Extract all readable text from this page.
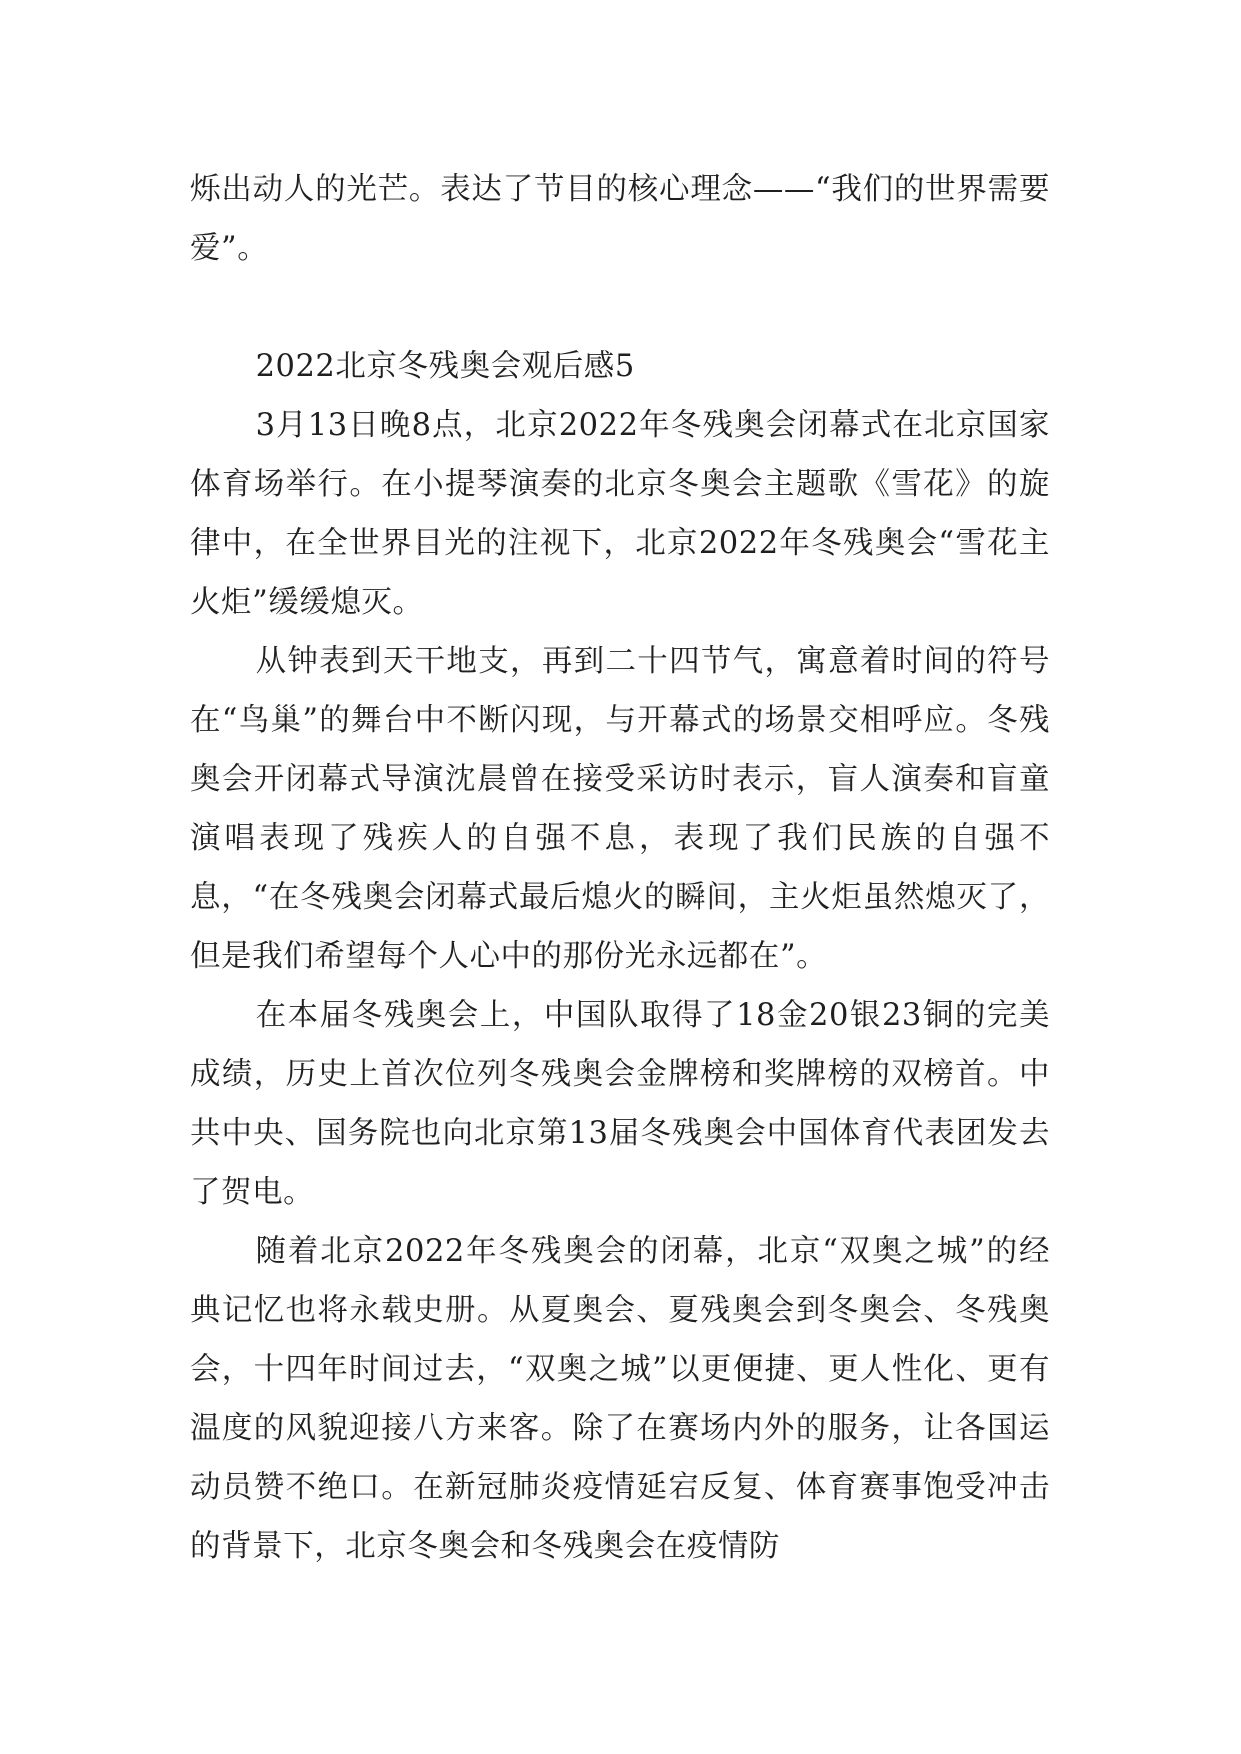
烁出动人的光芒。表达了节目的核心理念——“我们的世界需要爱”。

2022北京冬残奥会观后感5

3月13日晚8点，北京2022年冬残奥会闭幕式在北京国家体育场举行。在小提琴演奏的北京冬奥会主题歌《雪花》的旋律中，在全世界目光的注视下，北京2022年冬残奥会“雪花主火炬”缓缓熄灭。

从钟表到天干地支，再到二十四节气，寓意着时间的符号在“鸟巢”的舞台中不断闪现，与开幕式的场景交相呼应。冬残奥会开闭幕式导演沈晨曾在接受采访时表示，盲人演奏和盲童演唱表现了残疾人的自强不息，表现了我们民族的自强不息，“在冬残奥会闭幕式最后熄火的瞬间，主火炬虽然熄灭了，但是我们希望每个人心中的那份光永远都在”。

在本届冬残奥会上，中国队取得了18金20银23铜的完美成绩，历史上首次位列冬残奥会金牌榜和奖牌榜的双榜首。中共中央、国务院也向北京第13届冬残奥会中国体育代表团发去了贺电。

随着北京2022年冬残奥会的闭幕，北京“双奥之城”的经典记忆也将永载史册。从夏奥会、夏残奥会到冬奥会、冬残奥会，十四年时间过去，“双奥之城”以更便捷、更人性化、更有温度的风貌迎接八方来客。除了在赛场内外的服务，让各国运动员赞不绝口。在新冠肺炎疫情延宕反复、体育赛事饱受冲击的背景下，北京冬奥会和冬残奥会在疫情防
